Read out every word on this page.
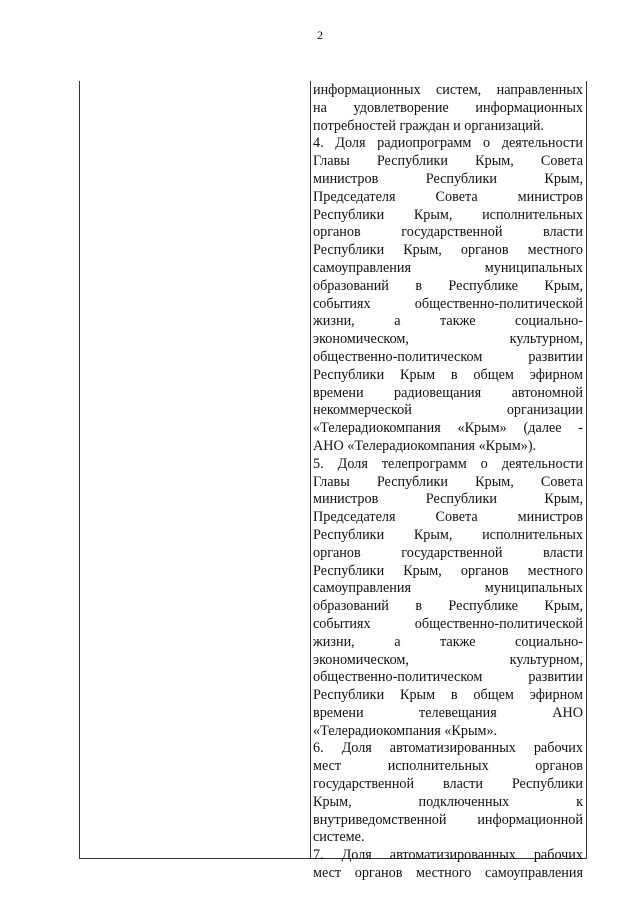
2
информационных систем, направленных
на удовлетворение информационных
потребностей граждан и организаций.
4. Доля радиопрограмм о деятельности
Главы Республики Крым, Совета
министров Республики Крым,
Председателя Совета министров
Республики Крым, исполнительных
органов государственной власти
Республики Крым, органов местного
самоуправления муниципальных
образований в Республике Крым,
событиях общественно-политической
жизни, а также социально-
экономическом, культурном,
общественно-политическом развитии
Республики Крым в общем эфирном
времени радиовещания автономной
некоммерческой организации
«Телерадиокомпания «Крым» (далее -
АНО «Телерадиокомпания «Крым»).
5. Доля телепрограмм о деятельности
Главы Республики Крым, Совета
министров Республики Крым,
Председателя Совета министров
Республики Крым, исполнительных
органов государственной власти
Республики Крым, органов местного
самоуправления муниципальных
образований в Республике Крым,
событиях общественно-политической
жизни, а также социально-
экономическом, культурном,
общественно-политическом развитии
Республики Крым в общем эфирном
времени телевещания АНО
«Телерадиокомпания «Крым».
6. Доля автоматизированных рабочих
мест исполнительных органов
государственной власти Республики
Крым, подключенных к
внутриведомственной информационной
системе.
7. Доля автоматизированных рабочих
мест органов местного самоуправления
